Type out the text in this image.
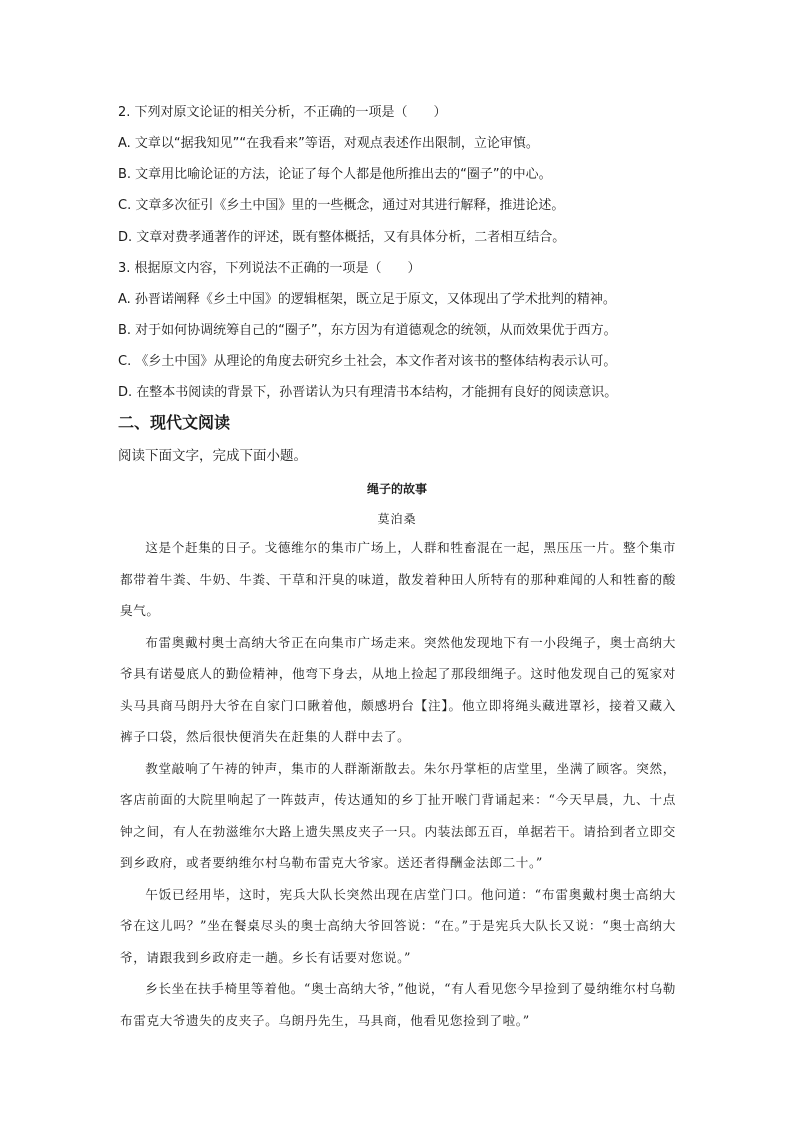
2. 下列对原文论证的相关分析，不正确的一项是（　　）
A. 文章以“据我知见”“在我看来”等语，对观点表述作出限制，立论审慎。
B. 文章用比喻论证的方法，论证了每个人都是他所推出去的“圈子”的中心。
C. 文章多次征引《乡土中国》里的一些概念，通过对其进行解释，推进论述。
D. 文章对费孝通著作的评述，既有整体概括，又有具体分析，二者相互结合。
3. 根据原文内容，下列说法不正确的一项是（　　）
A. 孙晋诺阐释《乡土中国》的逻辑框架，既立足于原文，又体现出了学术批判的精神。
B. 对于如何协调统筹自己的“圈子”，东方因为有道德观念的统领，从而效果优于西方。
C. 《乡土中国》从理论的角度去研究乡土社会，本文作者对该书的整体结构表示认可。
D. 在整本书阅读的背景下，孙晋诺认为只有理清书本结构，才能拥有良好的阅读意识。
二、现代文阅读
阅读下面文字，完成下面小题。
绳子的故事
莫泊桑

这是个赶集的日子。戈德维尔的集市广场上，人群和牲畜混在一起，黑压压一片。整个集市都带着牛粪、牛奶、牛粪、干草和汗臭的味道，散发着种田人所特有的那种难闻的人和牲畜的酸臭气。

布雷奥戴村奥士高纳大爷正在向集市广场走来。突然他发现地下有一小段绳子，奥士高纳大爷具有诺曼底人的勤俭精神，他弯下身去，从地上捡起了那段细绳子。这时他发现自己的冤家对头马具商马朗丹大爷在自家门口瞅着他，颇感坍台【注】。他立即将绳头藏进罩衫，接着又藏入裤子口袋，然后很快便消失在赶集的人群中去了。

教堂敲响了午祷的钟声，集市的人群渐渐散去。朱尔丹掌柜的店堂里，坐满了顾客。突然，客店前面的大院里响起了一阵鼓声，传达通知的乡丁扯开喉门背诵起来：“今天早晨，九、十点钟之间，有人在勃滋维尔大路上遗失黑皮夹子一只。内装法郎五百，单据若干。请拾到者立即交到乡政府，或者要纳维尔村乌勒布雷克大爷家。送还者得酬金法郎二十。”

午饭已经用毕，这时，宪兵大队长突然出现在店堂门口。他问道：“布雷奥戴村奥士高纳大爷在这儿吗？”坐在餐桌尽头的奥士高纳大爷回答说：“在。”于是宪兵大队长又说：“奥士高纳大爷，请跟我到乡政府走一趟。乡长有话要对您说。”

乡长坐在扶手椅里等着他。“奥士高纳大爷，”他说，“有人看见您今早捡到了曼纳维尔村乌勒布雷克大爷遗失的皮夹子。乌朗丹先生，马具商，他看见您捡到了啦。”
